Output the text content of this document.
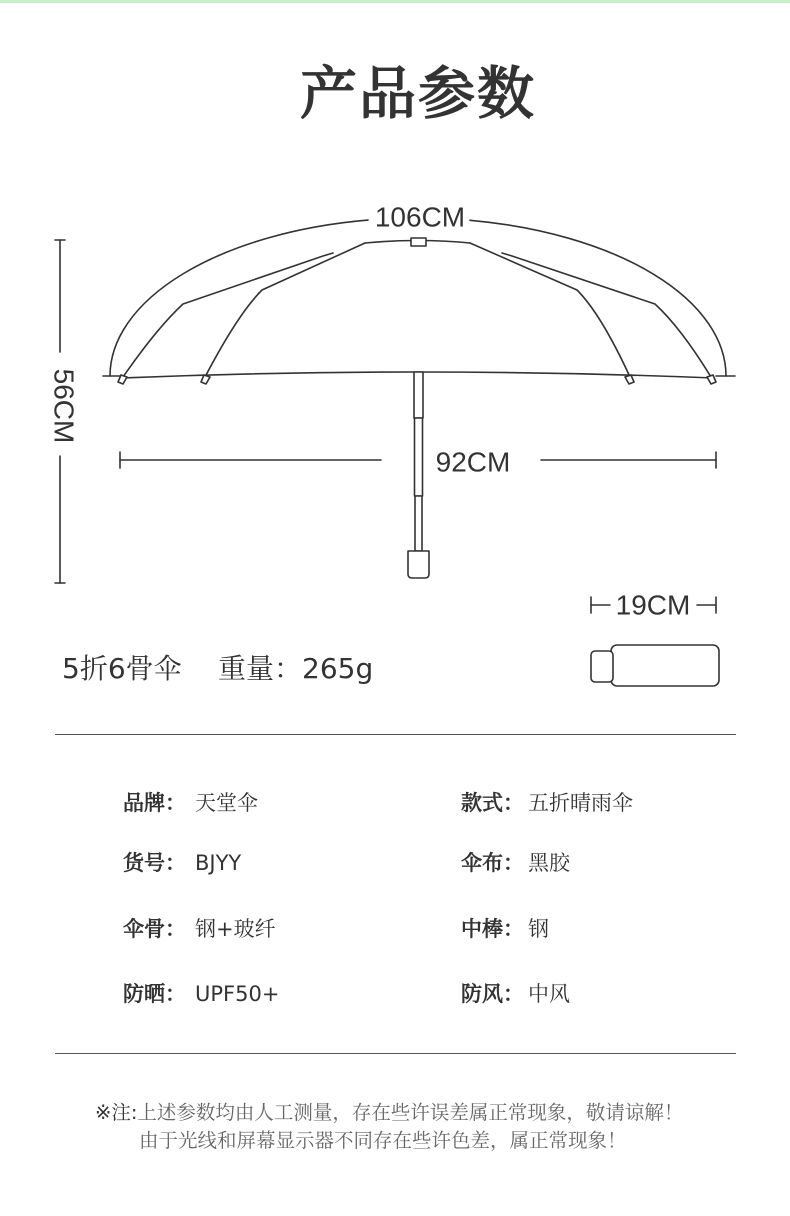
产品参数
56CM
106CM
92CM
19CM
5折6骨伞 重量：265g
品牌： 天堂伞	款式： 五折晴雨伞
货号： BJYY	伞布： 黑胶
伞骨： 钢+玻纤	中棒： 钢
防晒： UPF50+	防风： 中风
※注:上述参数均由人工测量，存在些许误差属正常现象，敬请谅解！
由于光线和屏幕显示器不同存在些许色差，属正常现象！
